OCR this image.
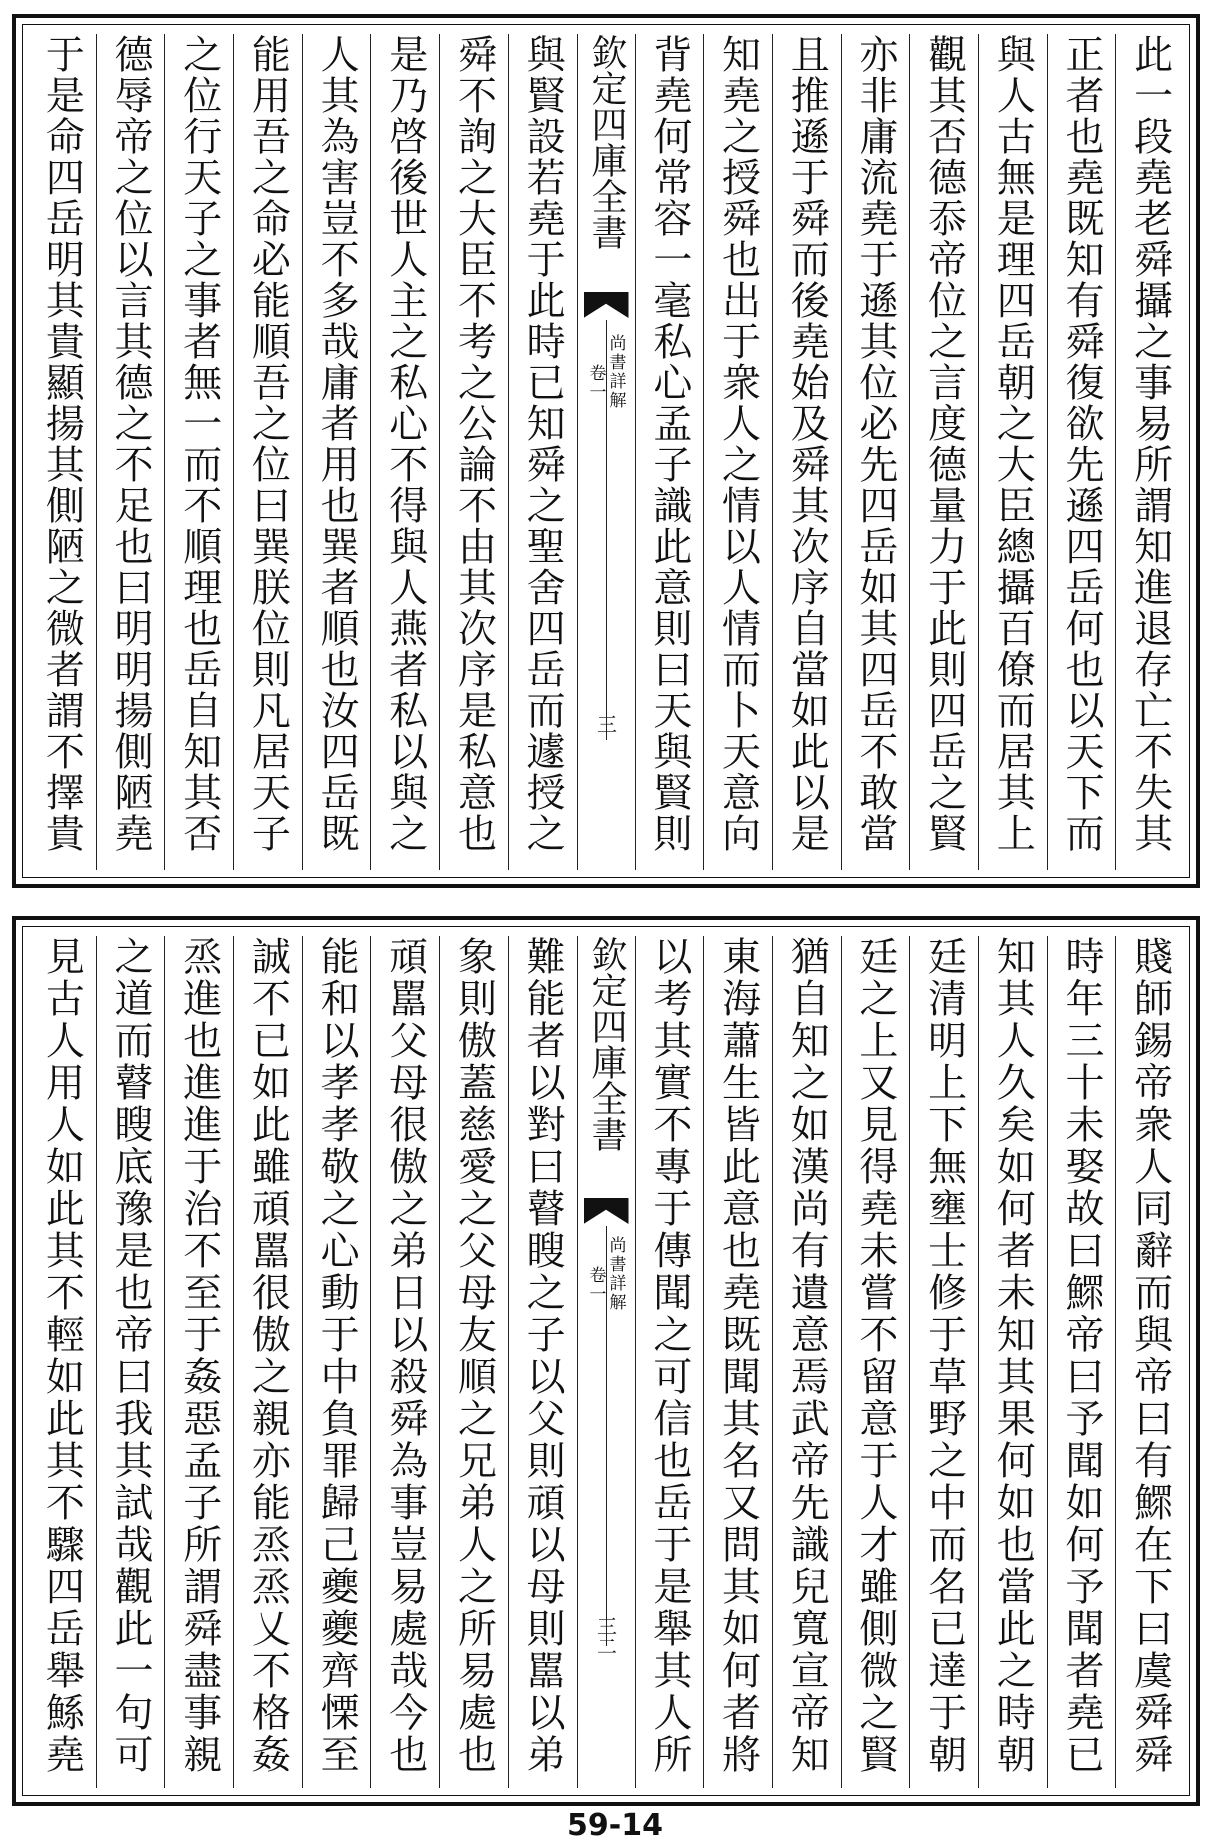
此一段堯老舜攝之事易所謂知進退存亡不失其
正者也堯既知有舜復欲先遜四岳何也以天下而
與人古無是理四岳朝之大臣總攝百僚而居其上
觀其否德忝帝位之言度德量力于此則四岳之賢
亦非庸流堯于遜其位必先四岳如其四岳不敢當
且推遜于舜而後堯始及舜其次序自當如此以是
知堯之授舜也出于衆人之情以人情而卜天意向
背堯何常容一毫私心孟子識此意則曰天與賢則
欽定四庫全書
尚書詳解
卷一
三
與賢設若堯于此時已知舜之聖舍四岳而遽授之
舜不詢之大臣不考之公論不由其次序是私意也
是乃啓後世人主之私心不得與人燕者私以與之
人其為害豈不多哉庸者用也巽者順也汝四岳既
能用吾之命必能順吾之位曰巽朕位則凡居天子
之位行天子之事者無一而不順理也岳自知其否
德辱帝之位以言其德之不足也曰明明揚側陋堯
于是命四岳明其貴顯揚其側陋之微者謂不擇貴
賤師錫帝衆人同辭而與帝曰有鰥在下曰虞舜舜
時年三十未娶故曰鰥帝曰予聞如何予聞者堯已
知其人久矣如何者未知其果何如也當此之時朝
廷清明上下無壅士修于草野之中而名已達于朝
廷之上又見得堯未嘗不留意于人才雖側微之賢
猶自知之如漢尚有遺意焉武帝先識兒寬宣帝知
東海蕭生皆此意也堯既聞其名又問其如何者將
以考其實不專于傳聞之可信也岳于是舉其人所
欽定四庫全書
尚書詳解
卷一
三二
難能者以對曰瞽瞍之子以父則頑以母則嚚以弟
象則傲蓋慈愛之父母友順之兄弟人之所易處也
頑嚚父母很傲之弟日以殺舜為事豈易處哉今也
能和以孝孝敬之心動于中負罪歸己夔夔齊慄至
誠不已如此雖頑嚚很傲之親亦能烝烝乂不格姦
烝進也進進于治不至于姦惡孟子所謂舜盡事親
之道而瞽瞍底豫是也帝曰我其試哉觀此一句可
見古人用人如此其不輕如此其不驟四岳舉鯀堯
59-14
